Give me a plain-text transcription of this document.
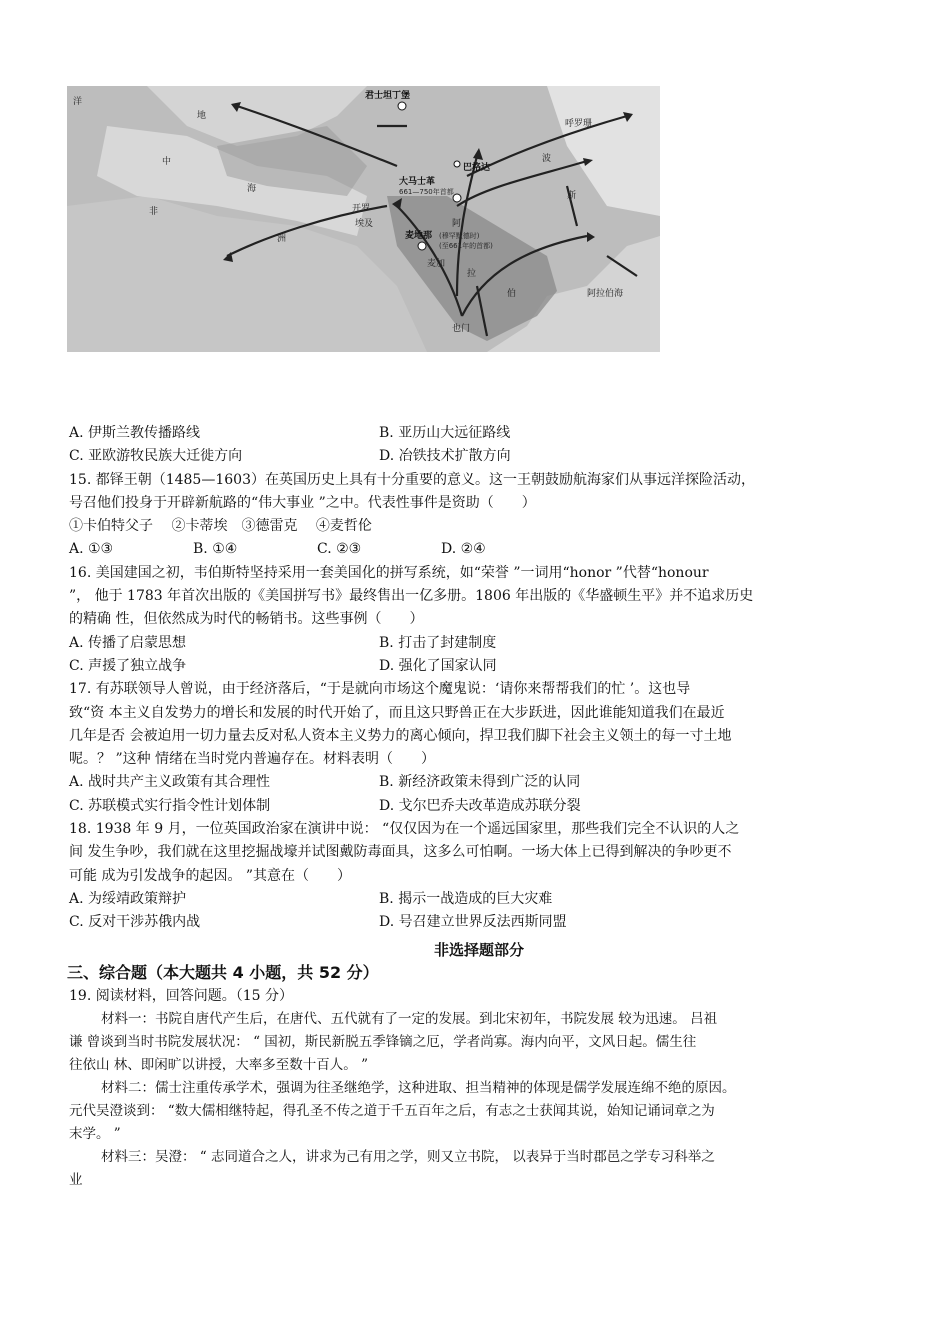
洋
地
中
海
君士坦丁堡
巴格达
大马士革
661—750年首都
开罗
埃及
麦地那 (穆罕默德时)
(至661年的首都)
麦加
阿
拉
伯
也门
非
洲
呼罗珊
波
斯
阿拉伯海
A. 伊斯兰教传播路线	B. 亚历山大远征路线
C. 亚欧游牧民族大迁徙方向	D. 冶铁技术扩散方向
15. 都铎王朝（1485—1603）在英国历史上具有十分重要的意义。这一王朝鼓励航海家们从事远洋探险活动，
号召他们投身于开辟新航路的“伟大事业 ”之中。代表性事件是资助（　　）
①卡伯特父子　 ②卡蒂埃　③德雷克　 ④麦哲伦
A. ①③	B. ①④	C. ②③	D. ②④
16. 美国建国之初，韦伯斯特坚持采用一套美国化的拼写系统，如“荣誉 ”一词用“honor ”代替“honour
”， 他于 1783 年首次出版的《美国拼写书》最终售出一亿多册。1806 年出版的《华盛顿生平》并不追求历史
的精确 性，但依然成为时代的畅销书。这些事例（　　）
A. 传播了启蒙思想	B. 打击了封建制度
C. 声援了独立战争	D. 强化了国家认同
17. 有苏联领导人曾说，由于经济落后，“于是就向市场这个魔鬼说：‘请你来帮帮我们的忙 ’。这也导
致“资 本主义自发势力的增长和发展的时代开始了，而且这只野兽正在大步跃进，因此谁能知道我们在最近
几年是否 会被迫用一切力量去反对私人资本主义势力的离心倾向，捍卫我们脚下社会主义领土的每一寸土地
呢。？ ”这种 情绪在当时党内普遍存在。材料表明（　　）
A. 战时共产主义政策有其合理性	B. 新经济政策未得到广泛的认同
C. 苏联模式实行指令性计划体制	D. 戈尔巴乔夫改革造成苏联分裂
18. 1938 年 9 月，一位英国政治家在演讲中说： “仅仅因为在一个遥远国家里，那些我们完全不认识的人之
间 发生争吵，我们就在这里挖掘战壕并试图戴防毒面具，这多么可怕啊。一场大体上已得到解决的争吵更不
可能 成为引发战争的起因。 ”其意在（　　）
A. 为绥靖政策辩护	B. 揭示一战造成的巨大灾难
C. 反对干涉苏俄内战	D. 号召建立世界反法西斯同盟
非选择题部分
三、综合题（本大题共 4 小题，共 52 分）
19. 阅读材料，回答问题。（15 分）
材料一：书院自唐代产生后，在唐代、五代就有了一定的发展。到北宋初年，书院发展 较为迅速。 吕祖
谦 曾谈到当时书院发展状况： “ 国初，斯民新脱五季锋镝之厄，学者尚寡。海内向平，文风日起。儒生往
往依山 林、即闲旷以讲授，大率多至数十百人。 ”
材料二：儒士注重传承学术，强调为往圣继绝学，这种进取、担当精神的体现是儒学发展连绵不绝的原因。
元代吴澄谈到： “数大儒相继特起，得孔圣不传之道于千五百年之后，有志之士获闻其说，始知记诵词章之为
末学。 ”
材料三：吴澄： “ 志同道合之人，讲求为己有用之学，则又立书院， 以表异于当时郡邑之学专习科举之
业
